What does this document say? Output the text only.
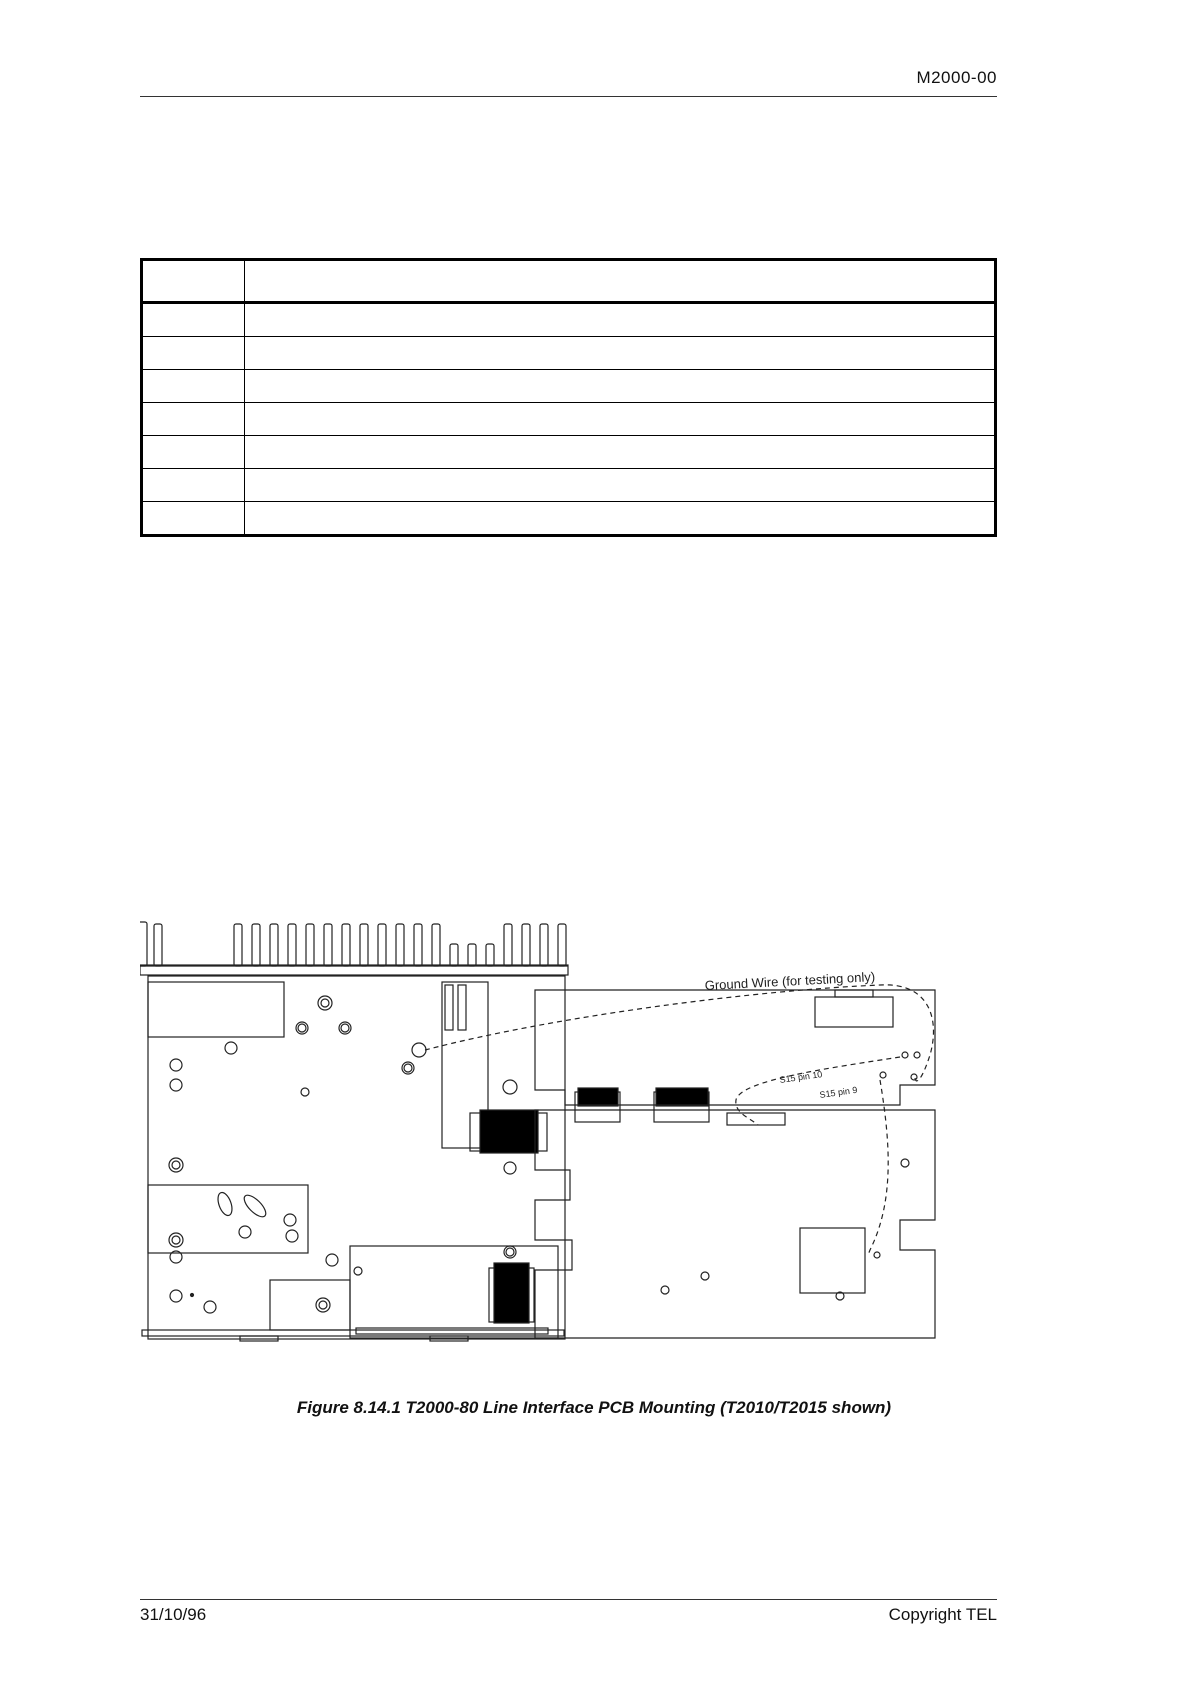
M2000-00

Ground Wire (for testing only)
S15 pin 10
S15 pin 9
Figure 8.14.1 T2000-80 Line Interface PCB Mounting (T2010/T2015 shown)
31/10/96	Copyright TEL
